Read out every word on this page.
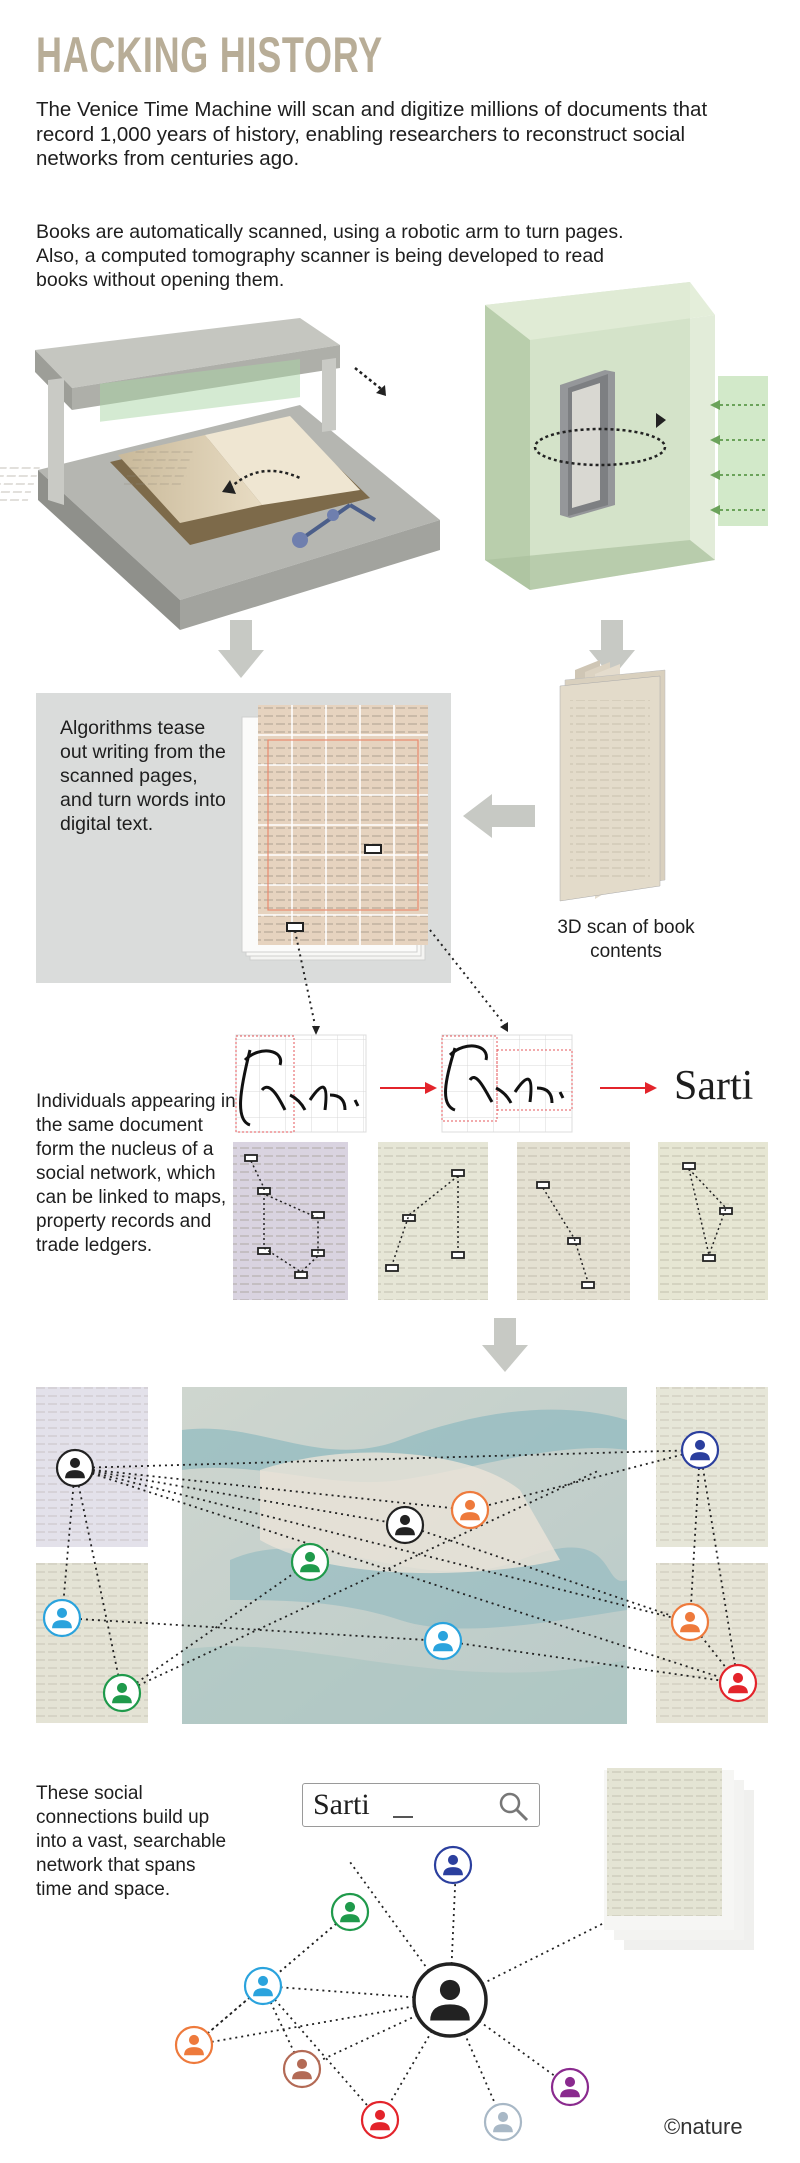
HACKING HISTORY
The Venice Time Machine will scan and digitize millions of documents that record 1,000 years of history, enabling researchers to reconstruct social networks from centuries ago.
Books are automatically scanned, using a robotic arm to turn pages. Also, a computed tomography scanner is being developed to read books without opening them.
Algorithms tease out writing from the scanned pages, and turn words into digital text.
3D scan of book contents
Sarti
Individuals appearing in the same document form the nucleus of a social network, which can be linked to maps, property records and trade ledgers.
These social connections build up into a vast, searchable network that spans time and space.
Sarti
©nature
